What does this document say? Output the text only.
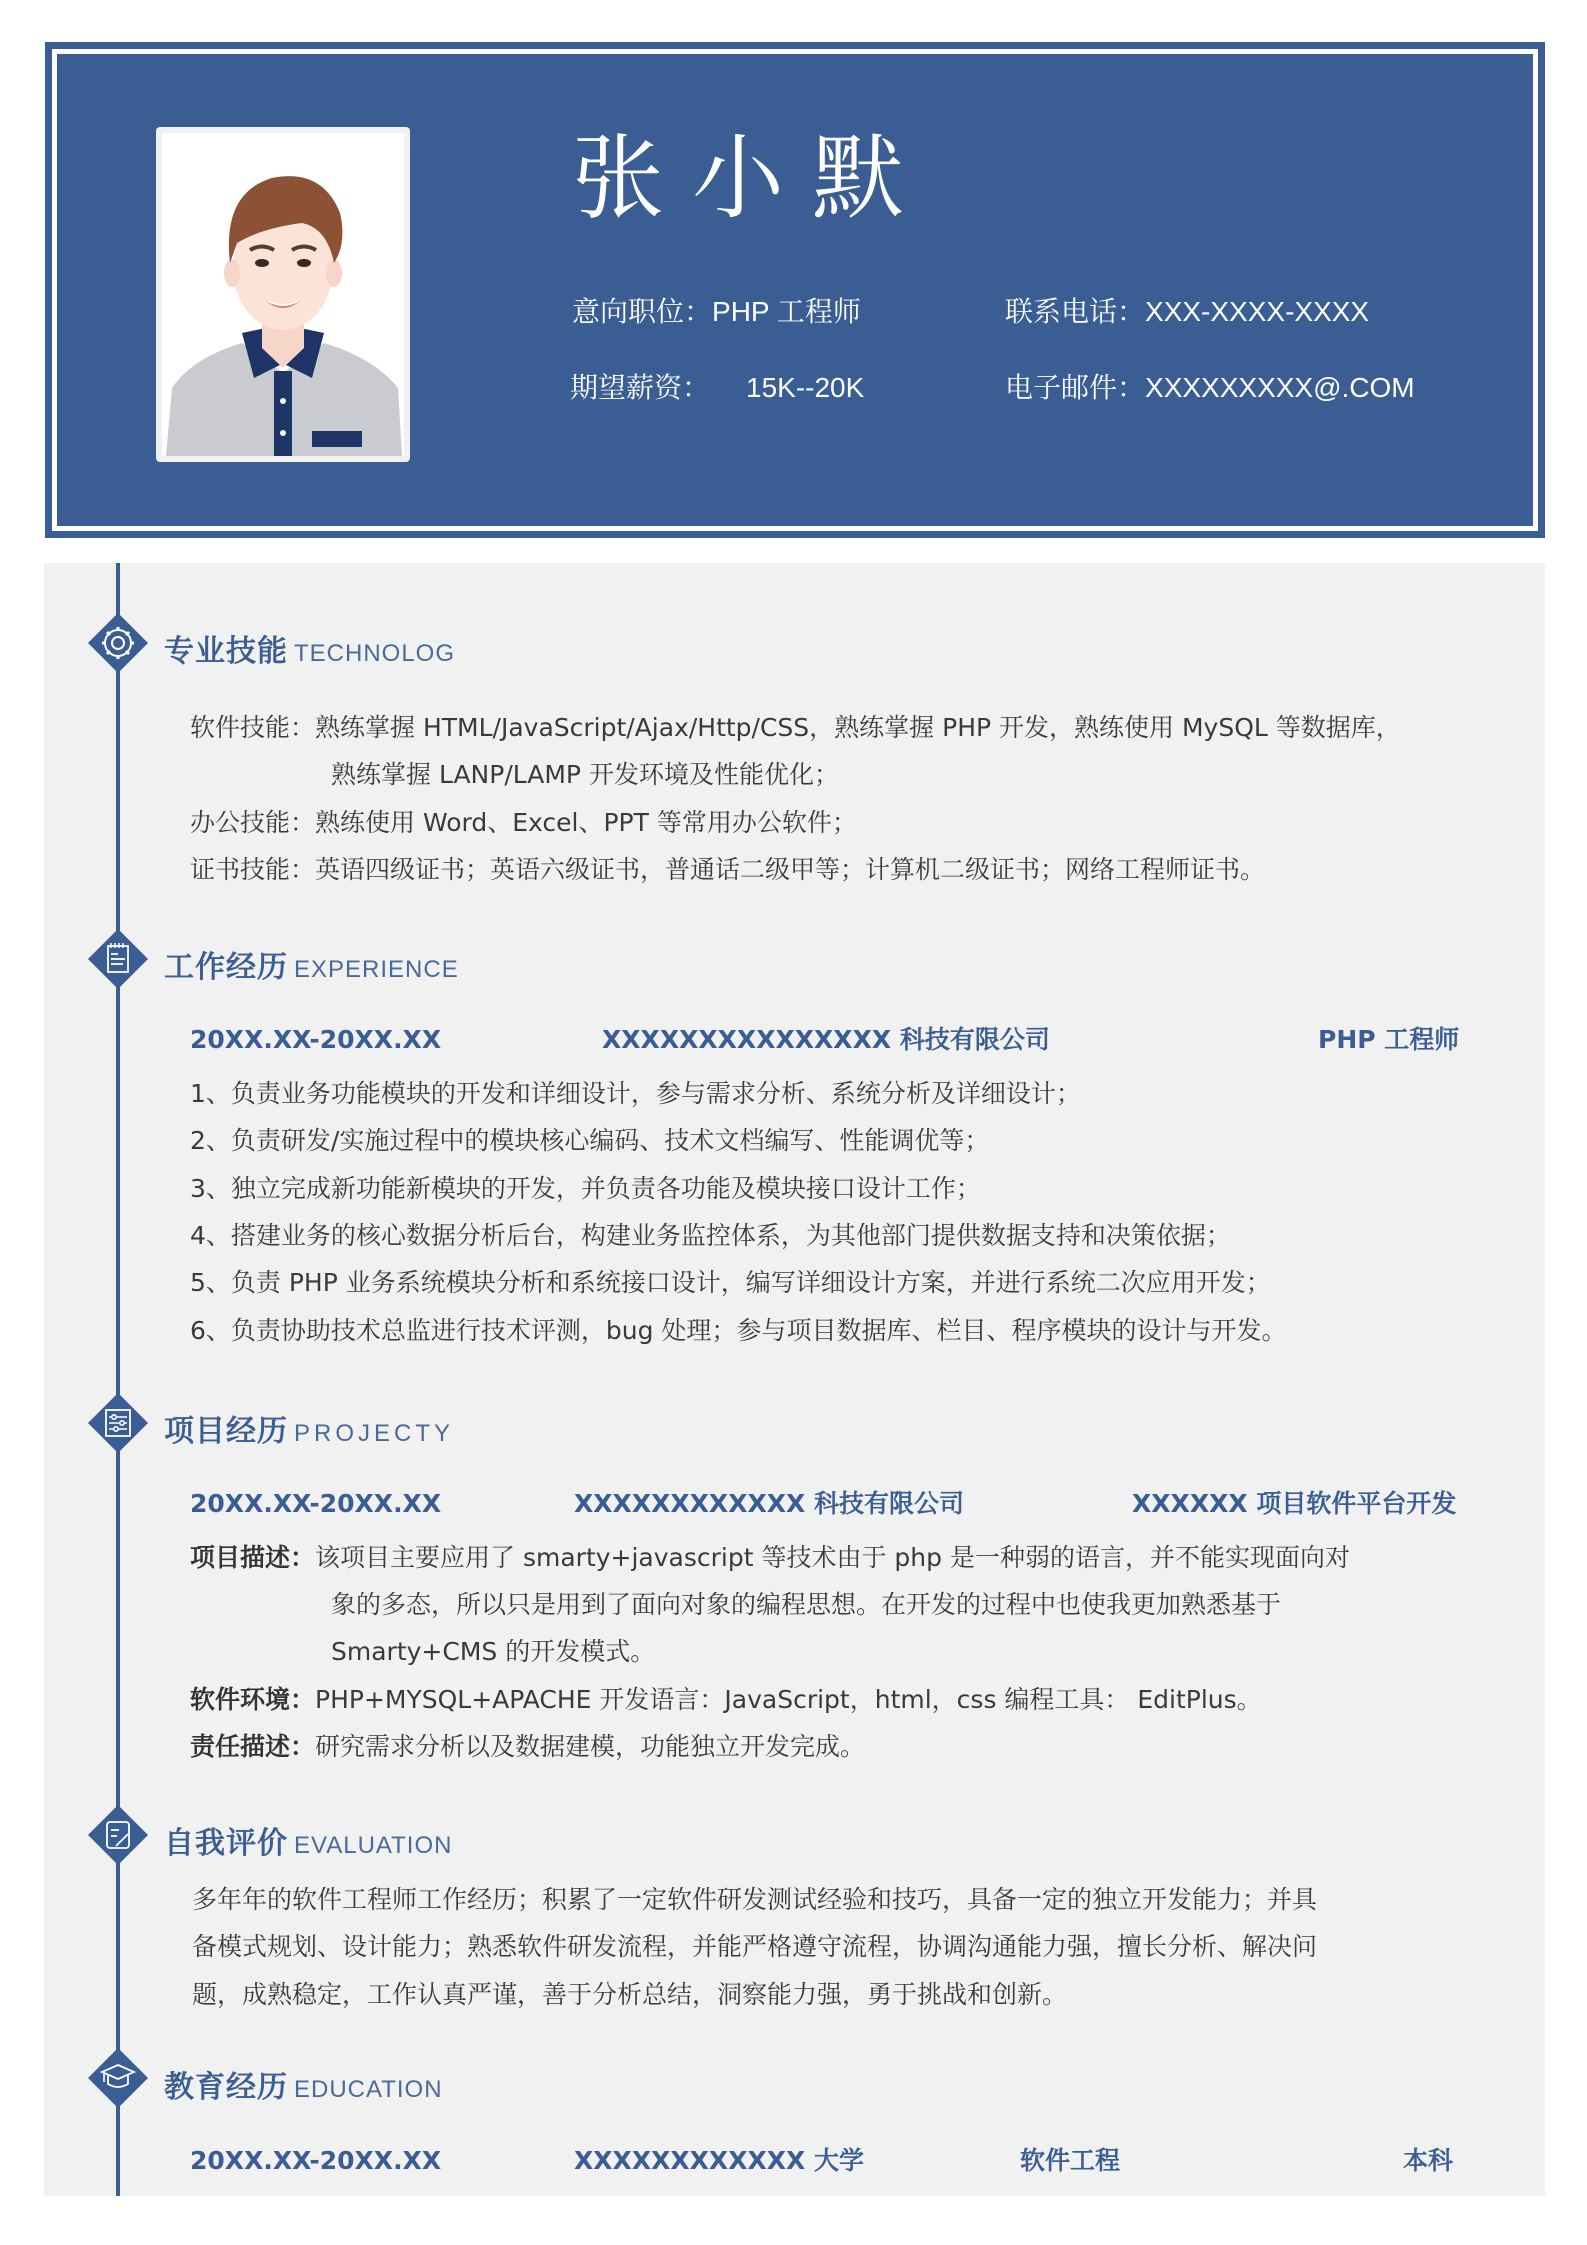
张小默
意向职位：PHP 工程师	联系电话：XXX-XXXX-XXXX
期望薪资： 15K--20K	电子邮件：XXXXXXXXX@.COM
专业技能 TECHNOLOG
软件技能：熟练掌握 HTML/JavaScript/Ajax/Http/CSS，熟练掌握 PHP 开发，熟练使用 MySQL 等数据库，
熟练掌握 LANP/LAMP 开发环境及性能优化；
办公技能：熟练使用 Word、Excel、PPT 等常用办公软件；
证书技能：英语四级证书；英语六级证书，普通话二级甲等；计算机二级证书；网络工程师证书。
工作经历 EXPERIENCE
20XX.XX-20XX.XX	XXXXXXXXXXXXXXX 科技有限公司	PHP 工程师
1、负责业务功能模块的开发和详细设计，参与需求分析、系统分析及详细设计；
2、负责研发/实施过程中的模块核心编码、技术文档编写、性能调优等；
3、独立完成新功能新模块的开发，并负责各功能及模块接口设计工作；
4、搭建业务的核心数据分析后台，构建业务监控体系，为其他部门提供数据支持和决策依据；
5、负责 PHP 业务系统模块分析和系统接口设计，编写详细设计方案，并进行系统二次应用开发；
6、负责协助技术总监进行技术评测，bug 处理；参与项目数据库、栏目、程序模块的设计与开发。
项目经历 PROJECTY
20XX.XX-20XX.XX	XXXXXXXXXXXX 科技有限公司	XXXXXX 项目软件平台开发
项目描述：该项目主要应用了 smarty+javascript 等技术由于 php 是一种弱的语言，并不能实现面向对
象的多态，所以只是用到了面向对象的编程思想。在开发的过程中也使我更加熟悉基于
Smarty+CMS 的开发模式。
软件环境：PHP+MYSQL+APACHE 开发语言：JavaScript，html，css 编程工具： EditPlus。
责任描述：研究需求分析以及数据建模，功能独立开发完成。
自我评价 EVALUATION
多年年的软件工程师工作经历；积累了一定软件研发测试经验和技巧，具备一定的独立开发能力；并具
备模式规划、设计能力；熟悉软件研发流程，并能严格遵守流程，协调沟通能力强，擅长分析、解决问
题，成熟稳定，工作认真严谨，善于分析总结，洞察能力强，勇于挑战和创新。
教育经历 EDUCATION
20XX.XX-20XX.XX	XXXXXXXXXXXX 大学	软件工程	本科
